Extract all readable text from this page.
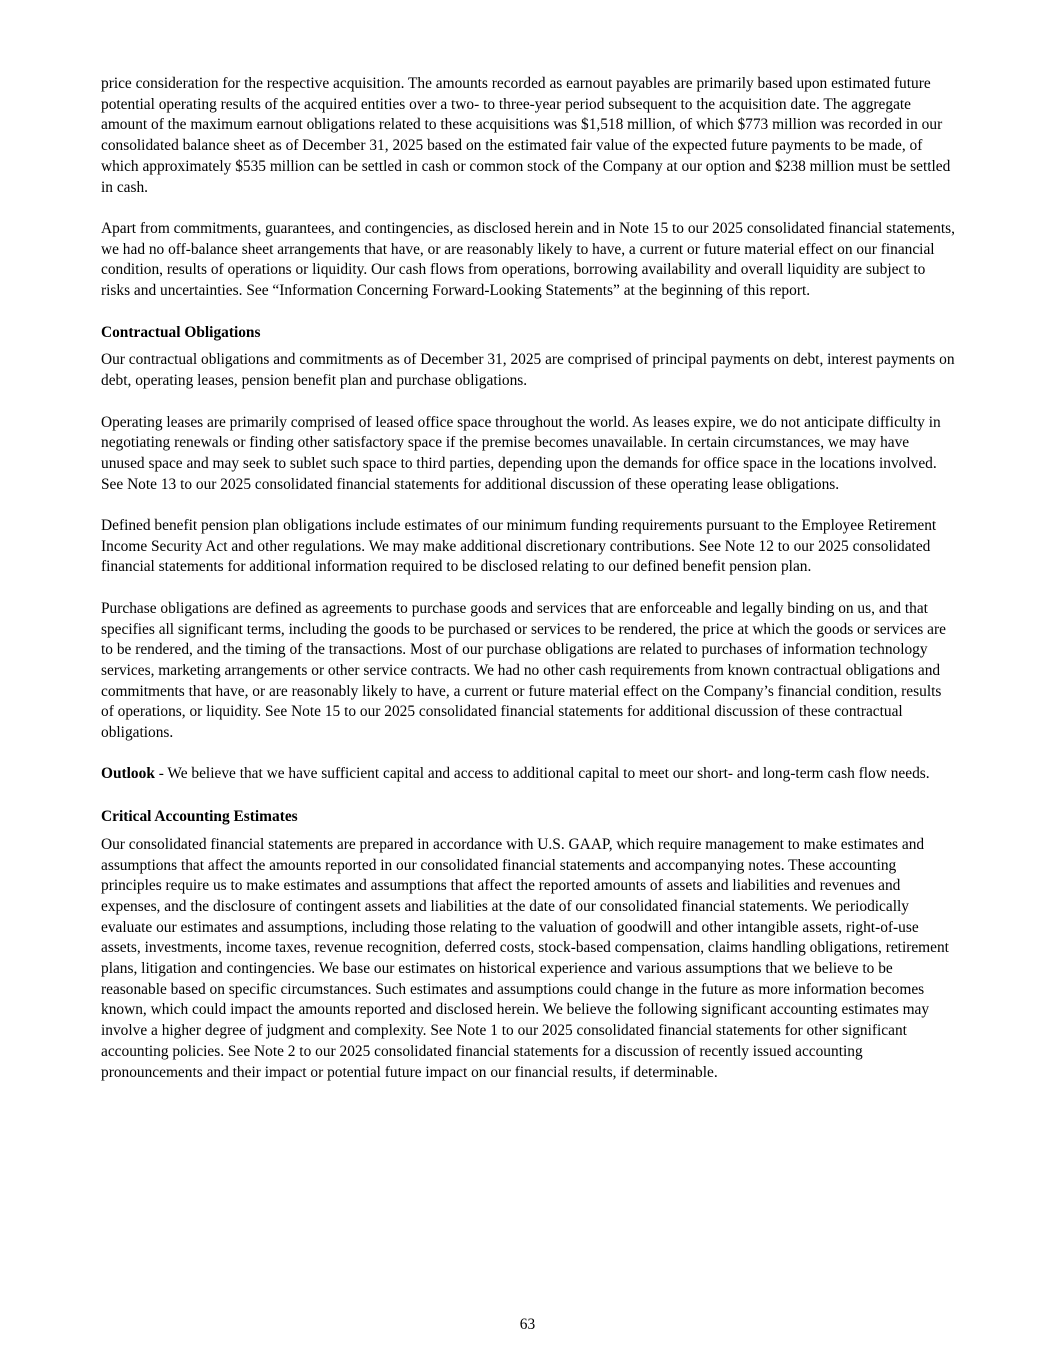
price consideration for the respective acquisition. The amounts recorded as earnout payables are primarily based upon estimated future potential operating results of the acquired entities over a two- to three-year period subsequent to the acquisition date. The aggregate amount of the maximum earnout obligations related to these acquisitions was $1,518 million, of which $773 million was recorded in our consolidated balance sheet as of December 31, 2025 based on the estimated fair value of the expected future payments to be made, of which approximately $535 million can be settled in cash or common stock of the Company at our option and $238 million must be settled in cash.

Apart from commitments, guarantees, and contingencies, as disclosed herein and in Note 15 to our 2025 consolidated financial statements, we had no off-balance sheet arrangements that have, or are reasonably likely to have, a current or future material effect on our financial condition, results of operations or liquidity. Our cash flows from operations, borrowing availability and overall liquidity are subject to risks and uncertainties. See “Information Concerning Forward-Looking Statements” at the beginning of this report.

Contractual Obligations

Our contractual obligations and commitments as of December 31, 2025 are comprised of principal payments on debt, interest payments on debt, operating leases, pension benefit plan and purchase obligations.

Operating leases are primarily comprised of leased office space throughout the world. As leases expire, we do not anticipate difficulty in negotiating renewals or finding other satisfactory space if the premise becomes unavailable. In certain circumstances, we may have unused space and may seek to sublet such space to third parties, depending upon the demands for office space in the locations involved. See Note 13 to our 2025 consolidated financial statements for additional discussion of these operating lease obligations.

Defined benefit pension plan obligations include estimates of our minimum funding requirements pursuant to the Employee Retirement Income Security Act and other regulations. We may make additional discretionary contributions. See Note 12 to our 2025 consolidated financial statements for additional information required to be disclosed relating to our defined benefit pension plan.

Purchase obligations are defined as agreements to purchase goods and services that are enforceable and legally binding on us, and that specifies all significant terms, including the goods to be purchased or services to be rendered, the price at which the goods or services are to be rendered, and the timing of the transactions. Most of our purchase obligations are related to purchases of information technology services, marketing arrangements or other service contracts. We had no other cash requirements from known contractual obligations and commitments that have, or are reasonably likely to have, a current or future material effect on the Company’s financial condition, results of operations, or liquidity. See Note 15 to our 2025 consolidated financial statements for additional discussion of these contractual obligations.

Outlook - We believe that we have sufficient capital and access to additional capital to meet our short- and long-term cash flow needs.

Critical Accounting Estimates

Our consolidated financial statements are prepared in accordance with U.S. GAAP, which require management to make estimates and assumptions that affect the amounts reported in our consolidated financial statements and accompanying notes. These accounting principles require us to make estimates and assumptions that affect the reported amounts of assets and liabilities and revenues and expenses, and the disclosure of contingent assets and liabilities at the date of our consolidated financial statements. We periodically evaluate our estimates and assumptions, including those relating to the valuation of goodwill and other intangible assets, right-of-use assets, investments, income taxes, revenue recognition, deferred costs, stock-based compensation, claims handling obligations, retirement plans, litigation and contingencies. We base our estimates on historical experience and various assumptions that we believe to be reasonable based on specific circumstances. Such estimates and assumptions could change in the future as more information becomes known, which could impact the amounts reported and disclosed herein. We believe the following significant accounting estimates may involve a higher degree of judgment and complexity. See Note 1 to our 2025 consolidated financial statements for other significant accounting policies. See Note 2 to our 2025 consolidated financial statements for a discussion of recently issued accounting pronouncements and their impact or potential future impact on our financial results, if determinable.

63
